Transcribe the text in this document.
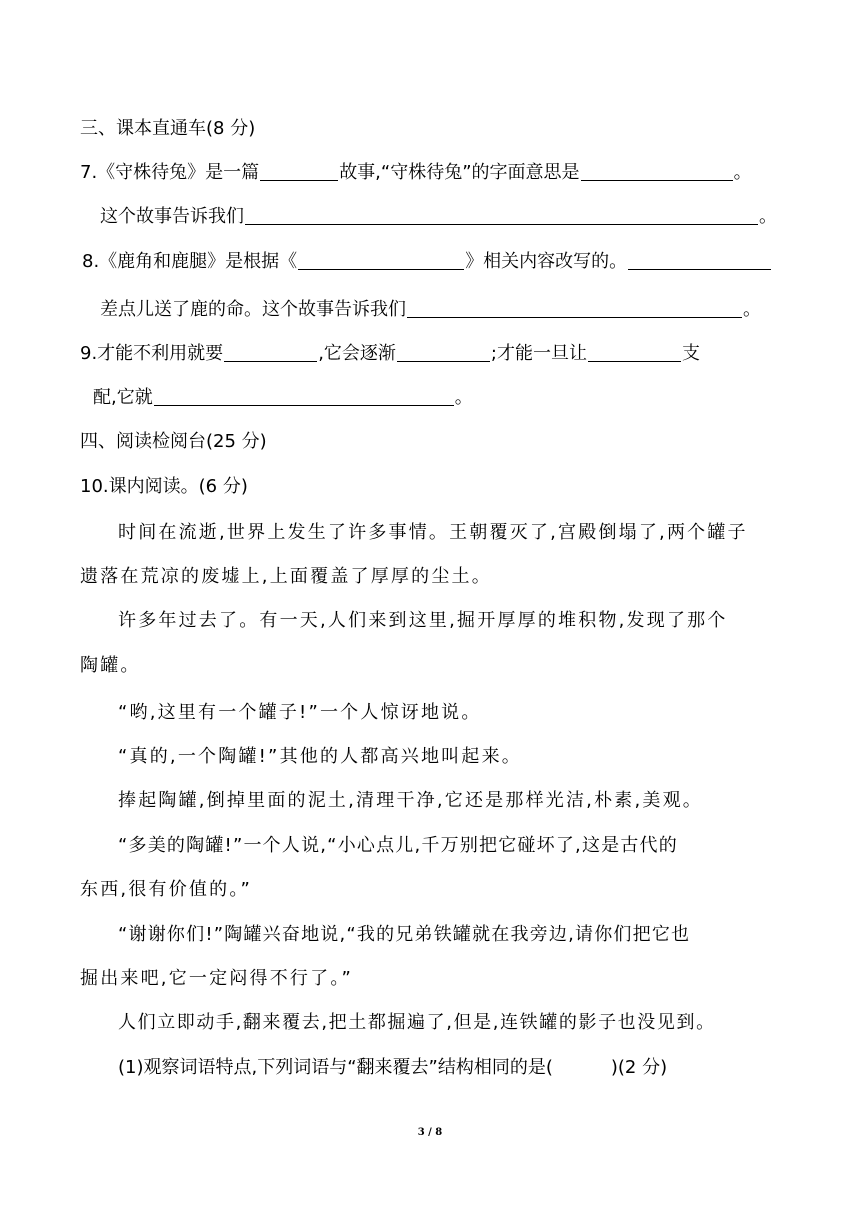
三、课本直通车(8 分)
7.《守株待兔》是一篇	故事,“守株待兔”的字面意思是	。
这个故事告诉我们	。
8.《鹿角和鹿腿》是根据《	》相关内容改写的。
差点儿送了鹿的命。这个故事告诉我们	。
9.才能不利用就要	,它会逐渐	;才能一旦让	支
配,它就	。
四、阅读检阅台(25 分)
10.课内阅读。(6 分)
时间在流逝,世界上发生了许多事情。王朝覆灭了,宫殿倒塌了,两个罐子
遗落在荒凉的废墟上,上面覆盖了厚厚的尘土。
许多年过去了。有一天,人们来到这里,掘开厚厚的堆积物,发现了那个
陶罐。
“哟,这里有一个罐子!”一个人惊讶地说。
“真的,一个陶罐!”其他的人都高兴地叫起来。
捧起陶罐,倒掉里面的泥土,清理干净,它还是那样光洁,朴素,美观。
“多美的陶罐!”一个人说,“小心点儿,千万别把它碰坏了,这是古代的
东西,很有价值的。”
“谢谢你们!”陶罐兴奋地说,“我的兄弟铁罐就在我旁边,请你们把它也
掘出来吧,它一定闷得不行了。”
人们立即动手,翻来覆去,把土都掘遍了,但是,连铁罐的影子也没见到。
(1)观察词语特点,下列词语与“翻来覆去”结构相同的是(	)(2 分)
3 / 8
